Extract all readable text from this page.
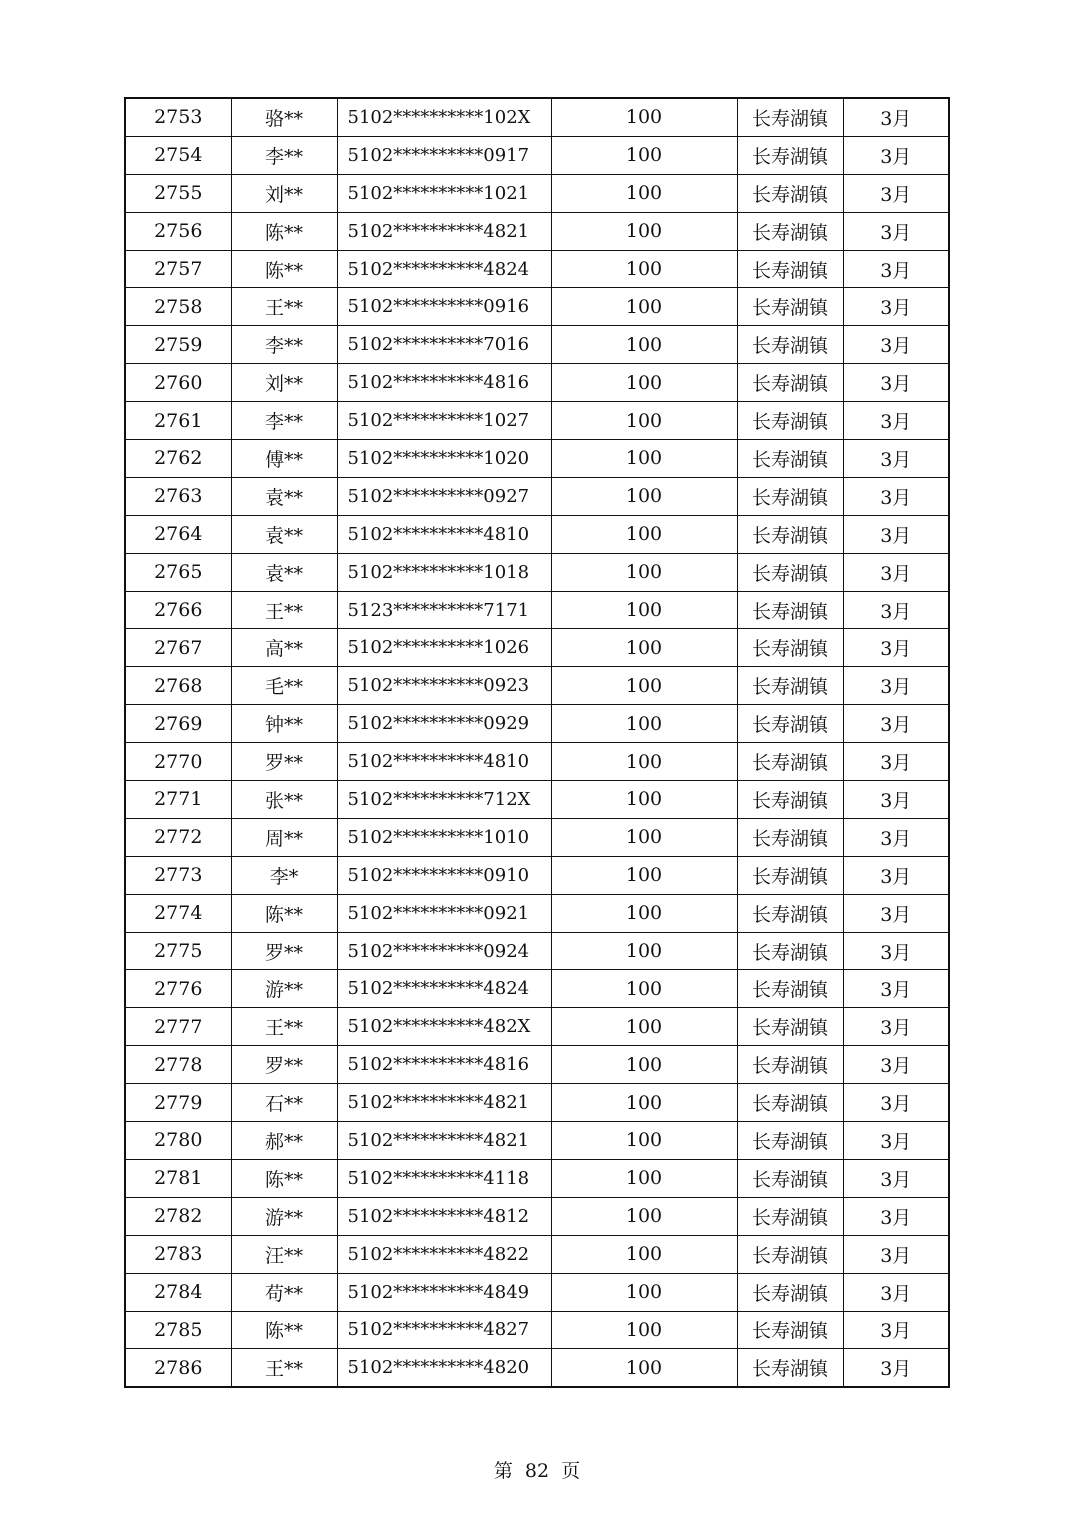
2753	骆**	5102**********102X	100	长寿湖镇	3月
2754	李**	5102**********0917	100	长寿湖镇	3月
2755	刘**	5102**********1021	100	长寿湖镇	3月
2756	陈**	5102**********4821	100	长寿湖镇	3月
2757	陈**	5102**********4824	100	长寿湖镇	3月
2758	王**	5102**********0916	100	长寿湖镇	3月
2759	李**	5102**********7016	100	长寿湖镇	3月
2760	刘**	5102**********4816	100	长寿湖镇	3月
2761	李**	5102**********1027	100	长寿湖镇	3月
2762	傅**	5102**********1020	100	长寿湖镇	3月
2763	袁**	5102**********0927	100	长寿湖镇	3月
2764	袁**	5102**********4810	100	长寿湖镇	3月
2765	袁**	5102**********1018	100	长寿湖镇	3月
2766	王**	5123**********7171	100	长寿湖镇	3月
2767	高**	5102**********1026	100	长寿湖镇	3月
2768	毛**	5102**********0923	100	长寿湖镇	3月
2769	钟**	5102**********0929	100	长寿湖镇	3月
2770	罗**	5102**********4810	100	长寿湖镇	3月
2771	张**	5102**********712X	100	长寿湖镇	3月
2772	周**	5102**********1010	100	长寿湖镇	3月
2773	李*	5102**********0910	100	长寿湖镇	3月
2774	陈**	5102**********0921	100	长寿湖镇	3月
2775	罗**	5102**********0924	100	长寿湖镇	3月
2776	游**	5102**********4824	100	长寿湖镇	3月
2777	王**	5102**********482X	100	长寿湖镇	3月
2778	罗**	5102**********4816	100	长寿湖镇	3月
2779	石**	5102**********4821	100	长寿湖镇	3月
2780	郝**	5102**********4821	100	长寿湖镇	3月
2781	陈**	5102**********4118	100	长寿湖镇	3月
2782	游**	5102**********4812	100	长寿湖镇	3月
2783	汪**	5102**********4822	100	长寿湖镇	3月
2784	苟**	5102**********4849	100	长寿湖镇	3月
2785	陈**	5102**********4827	100	长寿湖镇	3月
2786	王**	5102**********4820	100	长寿湖镇	3月
第 82 页
